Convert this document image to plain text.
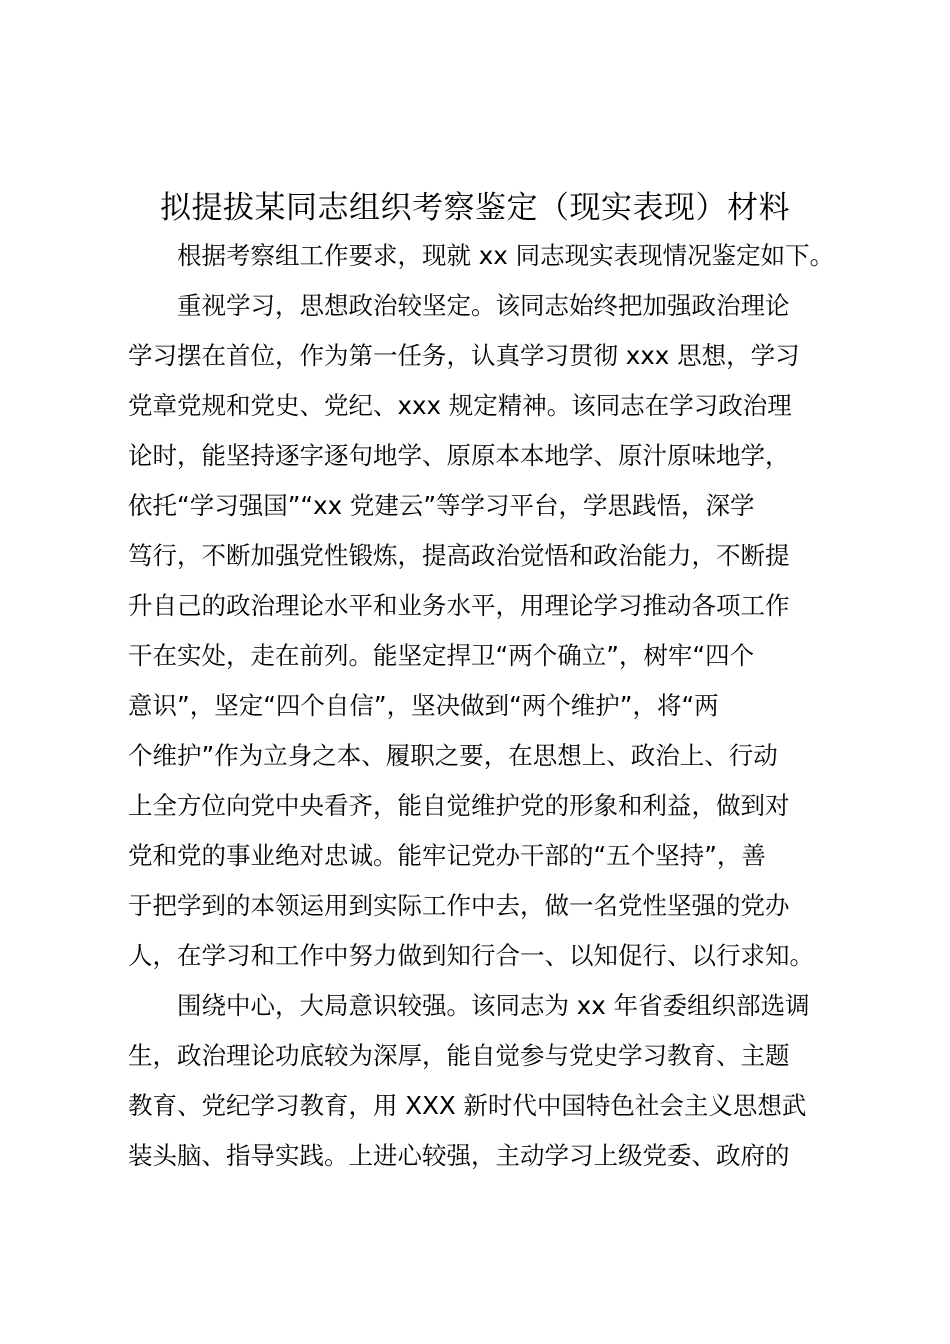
拟提拔某同志组织考察鉴定（现实表现）材料
根据考察组工作要求，现就 xx 同志现实表现情况鉴定如下。
重视学习，思想政治较坚定。该同志始终把加强政治理论
学习摆在首位，作为第一任务，认真学习贯彻 xxx 思想，学习
党章党规和党史、党纪、xxx 规定精神。该同志在学习政治理
论时，能坚持逐字逐句地学、原原本本地学、原汁原味地学，
依托“学习强国”“xx 党建云”等学习平台，学思践悟，深学
笃行，不断加强党性锻炼，提高政治觉悟和政治能力，不断提
升自己的政治理论水平和业务水平，用理论学习推动各项工作
干在实处，走在前列。能坚定捍卫“两个确立”，树牢“四个
意识”，坚定“四个自信”，坚决做到“两个维护”，将“两
个维护”作为立身之本、履职之要，在思想上、政治上、行动
上全方位向党中央看齐，能自觉维护党的形象和利益，做到对
党和党的事业绝对忠诚。能牢记党办干部的“五个坚持”，善
于把学到的本领运用到实际工作中去，做一名党性坚强的党办
人，在学习和工作中努力做到知行合一、以知促行、以行求知。
围绕中心，大局意识较强。该同志为 xx 年省委组织部选调
生，政治理论功底较为深厚，能自觉参与党史学习教育、主题
教育、党纪学习教育，用 XXX 新时代中国特色社会主义思想武
装头脑、指导实践。上进心较强，主动学习上级党委、政府的
